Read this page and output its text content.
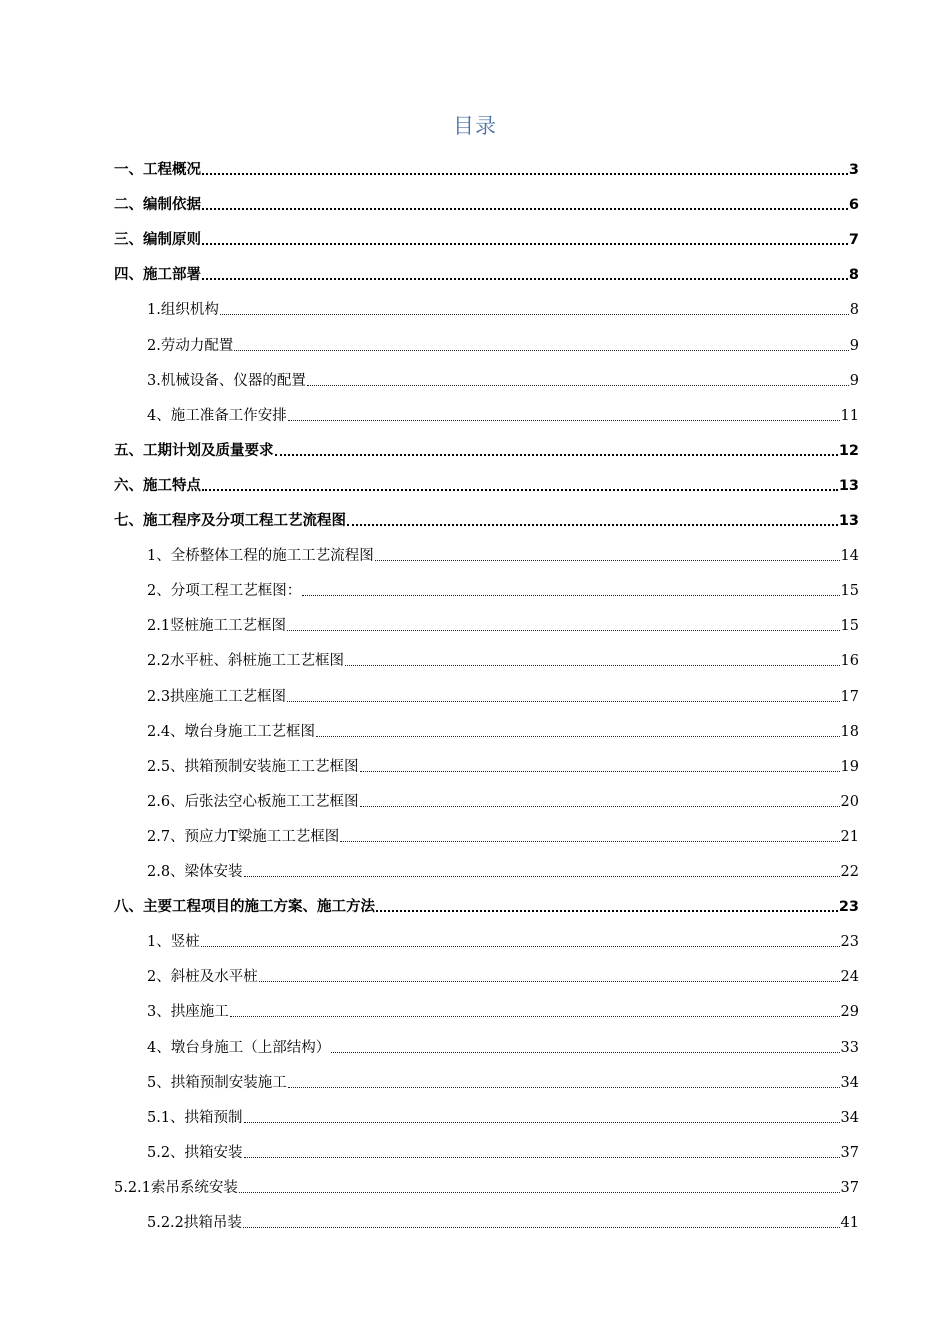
目录
一、工程概况	3
二、编制依据	6
三、编制原则	7
四、施工部署	8
1.组织机构	8
2.劳动力配置	9
3.机械设备、仪器的配置	9
4、施工准备工作安排	11
五、工期计划及质量要求	12
六、施工特点	13
七、施工程序及分项工程工艺流程图	13
1、全桥整体工程的施工工艺流程图	14
2、分项工程工艺框图：	15
2.1竖桩施工工艺框图	15
2.2水平桩、斜桩施工工艺框图	16
2.3拱座施工工艺框图	17
2.4、墩台身施工工艺框图	18
2.5、拱箱预制安装施工工艺框图	19
2.6、后张法空心板施工工艺框图	20
2.7、预应力T梁施工工艺框图	21
2.8、梁体安装	22
八、主要工程项目的施工方案、施工方法	23
1、竖桩	23
2、斜桩及水平桩	24
3、拱座施工	29
4、墩台身施工（上部结构）	33
5、拱箱预制安装施工	34
5.1、拱箱预制	34
5.2、拱箱安装	37
5.2.1索吊系统安装	37
5.2.2拱箱吊装	41
